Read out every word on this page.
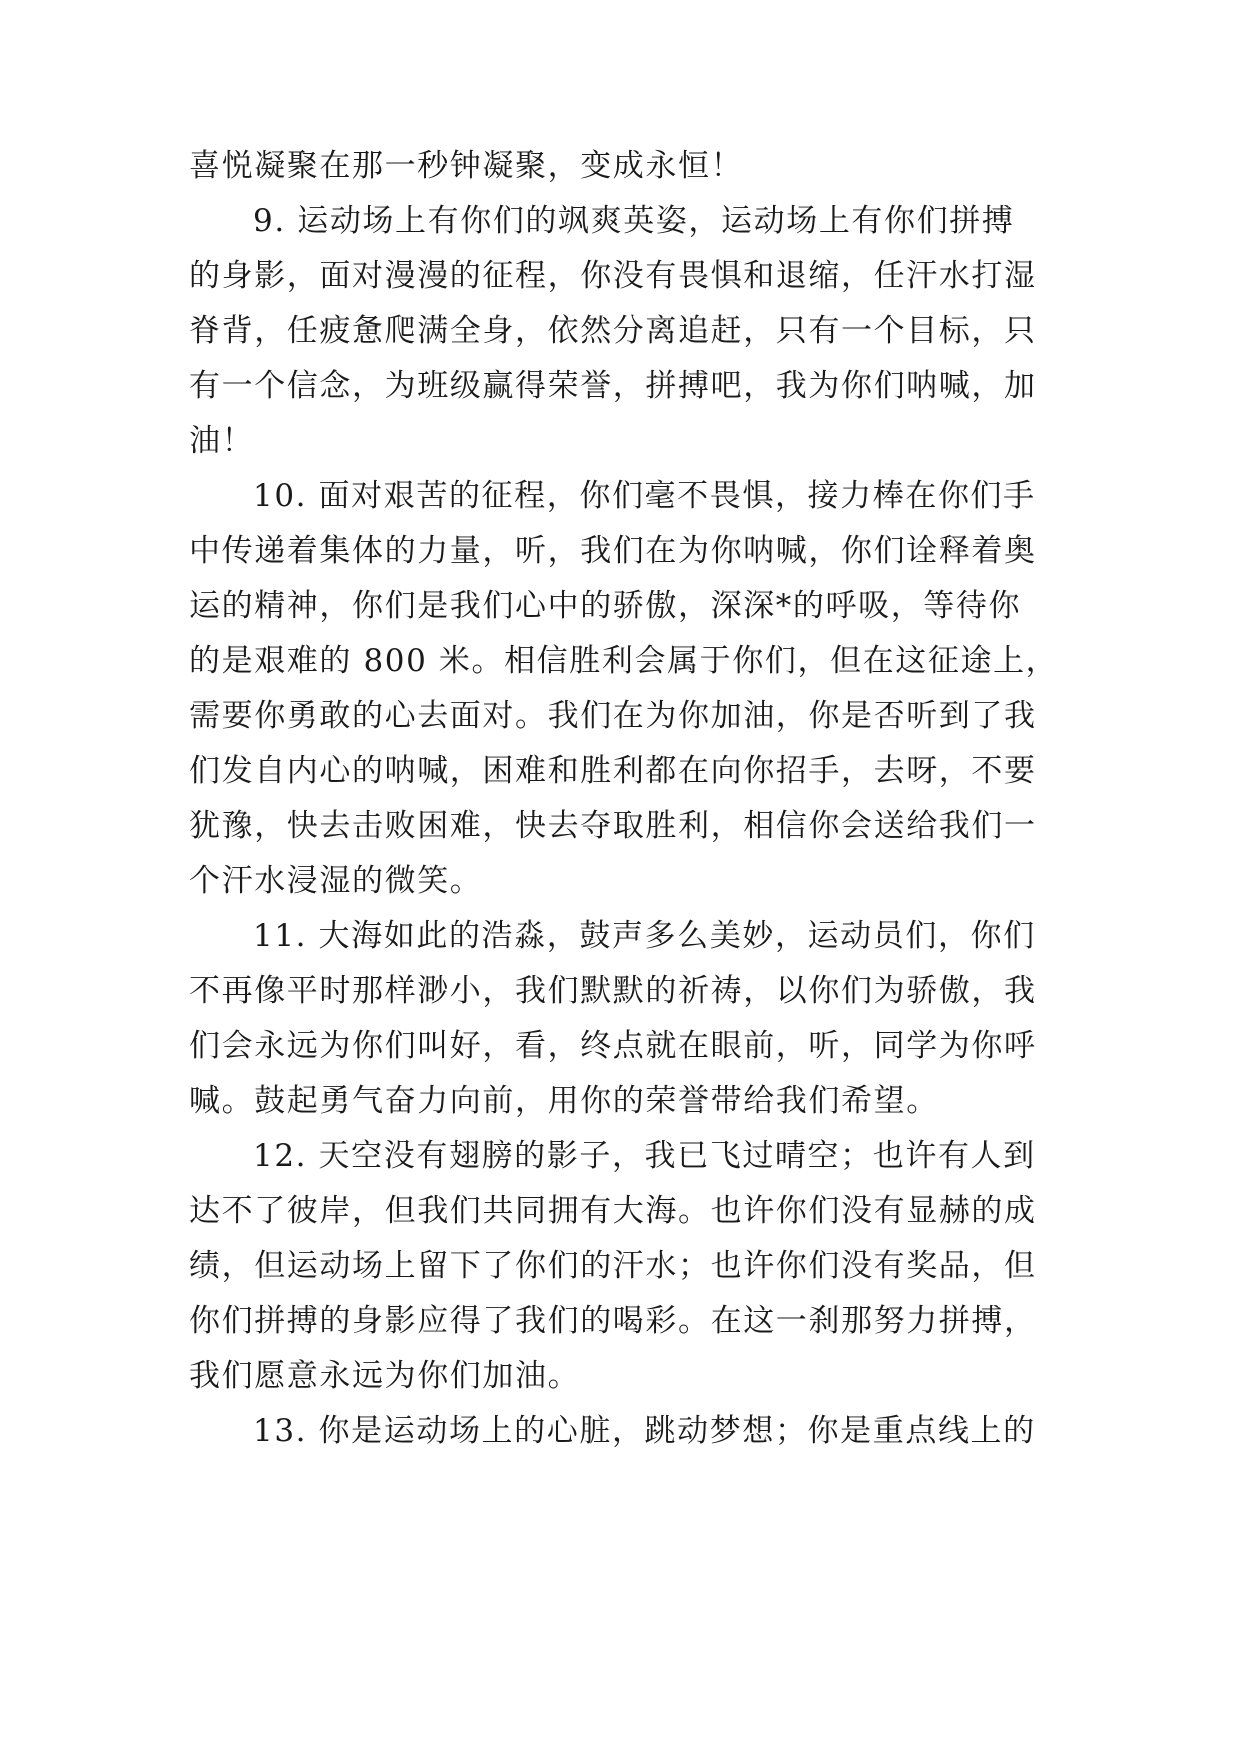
喜悦凝聚在那一秒钟凝聚，变成永恒！
9. 运动场上有你们的飒爽英姿，运动场上有你们拼搏
的身影，面对漫漫的征程，你没有畏惧和退缩，任汗水打湿
脊背，任疲惫爬满全身，依然分离追赶，只有一个目标，只
有一个信念，为班级赢得荣誉，拼搏吧，我为你们呐喊，加
油！
10. 面对艰苦的征程，你们毫不畏惧，接力棒在你们手
中传递着集体的力量，听，我们在为你呐喊，你们诠释着奥
运的精神，你们是我们心中的骄傲，深深*的呼吸，等待你
的是艰难的 800 米。相信胜利会属于你们，但在这征途上，
需要你勇敢的心去面对。我们在为你加油，你是否听到了我
们发自内心的呐喊，困难和胜利都在向你招手，去呀，不要
犹豫，快去击败困难，快去夺取胜利，相信你会送给我们一
个汗水浸湿的微笑。
11. 大海如此的浩淼，鼓声多么美妙，运动员们，你们
不再像平时那样渺小，我们默默的祈祷，以你们为骄傲，我
们会永远为你们叫好，看，终点就在眼前，听，同学为你呼
喊。鼓起勇气奋力向前，用你的荣誉带给我们希望。
12. 天空没有翅膀的影子，我已飞过晴空；也许有人到
达不了彼岸，但我们共同拥有大海。也许你们没有显赫的成
绩，但运动场上留下了你们的汗水；也许你们没有奖品，但
你们拼搏的身影应得了我们的喝彩。在这一刹那努力拼搏，
我们愿意永远为你们加油。
13. 你是运动场上的心脏，跳动梦想；你是重点线上的
